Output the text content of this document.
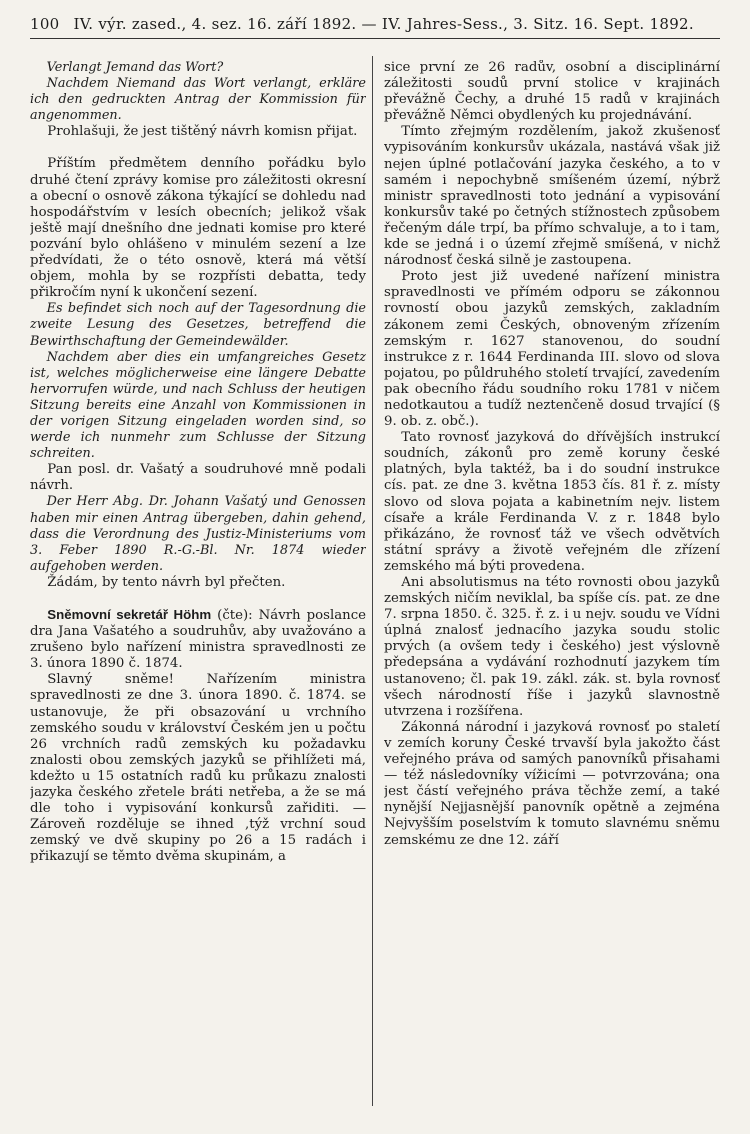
100 IV. výr. zased., 4. sez. 16. září 1892. — IV. Jahres-Sess., 3. Sitz. 16. Sept. 1892.

Verlangt Jemand das Wort?

Nachdem Niemand das Wort verlangt, erkläre ich den gedruckten Antrag der Kommission für angenommen.

Prohlašuji, že jest tištěný návrh komisn přijat.

Příštím předmětem denního pořádku bylo druhé čtení zprávy komise pro záležitosti okresní a obecní o osnově zákona týkající se dohledu nad hospodářstvím v lesích obecních; jelikož však ještě mají dnešního dne jednati komise pro které pozvání bylo ohlášeno v minulém sezení a lze předvídati, že o této osnově, která má větší objem, mohla by se rozpřísti debatta, tedy přikročím nyní k ukončení sezení.

Es befindet sich noch auf der Tagesordnung die zweite Lesung des Gesetzes, betreffend die Bewirthschaftung der Gemeindewälder.

Nachdem aber dies ein umfangreiches Gesetz ist, welches möglicherweise eine längere Debatte hervorrufen würde, und nach Schluss der heutigen Sitzung bereits eine Anzahl von Kommissionen in der vorigen Sitzung eingeladen worden sind, so werde ich nunmehr zum Schlusse der Sitzung schreiten.

Pan posl. dr. Vašatý a soudruhové mně podali návrh.

Der Herr Abg. Dr. Johann Vašatý und Genossen haben mir einen Antrag übergeben, dahin gehend, dass die Verordnung des Justiz-Ministeriums vom 3. Feber 1890 R.-G.-Bl. Nr. 1874 wieder aufgehoben werden.

Žádám, by tento návrh byl přečten.

Sněmovní sekretář Höhm (čte): Návrh poslance dra Jana Vašatého a soudruhův, aby uvažováno a zrušeno bylo nařízení ministra spravedlnosti ze 3. února 1890 č. 1874.

Slavný sněme! Nařízením ministra spravedlnosti ze dne 3. února 1890. č. 1874. se ustanovuje, že při obsazování u vrchního zemského soudu v království Českém jen u počtu 26 vrchních radů zemských ku požadavku znalosti obou zemských jazyků se přihlížeti má, kdežto u 15 ostatních radů ku průkazu znalosti jazyka českého zřetele bráti netřeba, a že se má dle toho i vypisování konkursů zařiditi. — Zároveň rozděluje se ihned ,týž vrchní soud zemský ve dvě skupiny po 26 a 15 radách i přikazují se těmto dvěma skupinám, a

sice první ze 26 radův, osobní a disciplinární záležitosti soudů první stolice v krajinách převážně Čechy, a druhé 15 radů v krajinách převážně Němci obydlených ku projednávání.

Tímto zřejmým rozdělením, jakož zkušenosť vypisováním konkursův ukázala, nastává však již nejen úplné potlačování jazyka českého, a to v samém i nepochybně smíšeném území, nýbrž ministr spravedlnosti toto jednání a vypisování konkursův také po četných stížnostech způsobem řečeným dále trpí, ba přímo schvaluje, a to i tam, kde se jedná i o území zřejmě smíšená, v nichž národnosť česká silně je zastoupena.

Proto jest již uvedené nařízení ministra spravedlnosti ve přímém odporu se zákonnou rovností obou jazyků zemských, zakladním zákonem zemi Českých, obnoveným zřízením zemským r. 1627 stanovenou, do soudní instrukce z r. 1644 Ferdinanda III. slovo od slova pojatou, po půldruhého století trvající, zavedením pak obecního řádu soudního roku 1781 v ničem nedotkautou a tudíž neztenčeně dosud trvající (§ 9. ob. z. obč.).

Tato rovnosť jazyková do dřívějších instrukcí soudních, zákonů pro země koruny české platných, byla taktéž, ba i do soudní instrukce cís. pat. ze dne 3. května 1853 čís. 81 ř. z. místy slovo od slova pojata a kabinetním nejv. listem císaře a krále Ferdinanda V. z r. 1848 bylo přikázáno, že rovnosť táž ve všech odvětvích státní správy a životě veřejném dle zřízení zemského má býti provedena.

Ani absolutismus na této rovnosti obou jazyků zemských ničím neviklal, ba spíše cís. pat. ze dne 7. srpna 1850. č. 325. ř. z. i u nejv. soudu ve Vídni úplná znalosť jednacího jazyka soudu stolic prvých (a ovšem tedy i českého) jest výslovně předepsána a vydávání rozhodnutí jazykem tím ustanoveno; čl. pak 19. zákl. zák. st. byla rovnosť všech národností říše i jazyků slavnostně utvrzena i rozšířena.

Zákonná národní i jazyková rovnosť po staletí v zemích koruny České trvavší byla jakožto část veřejného práva od samých panovníků přisahami — též následovníky vížicími — potvrzována; ona jest částí veřejného práva těchže zemí, a také nynější Nejjasnější panovník opětně a zejména Nejvyšším poselstvím k tomuto slavnému sněmu zemskému ze dne 12. září
